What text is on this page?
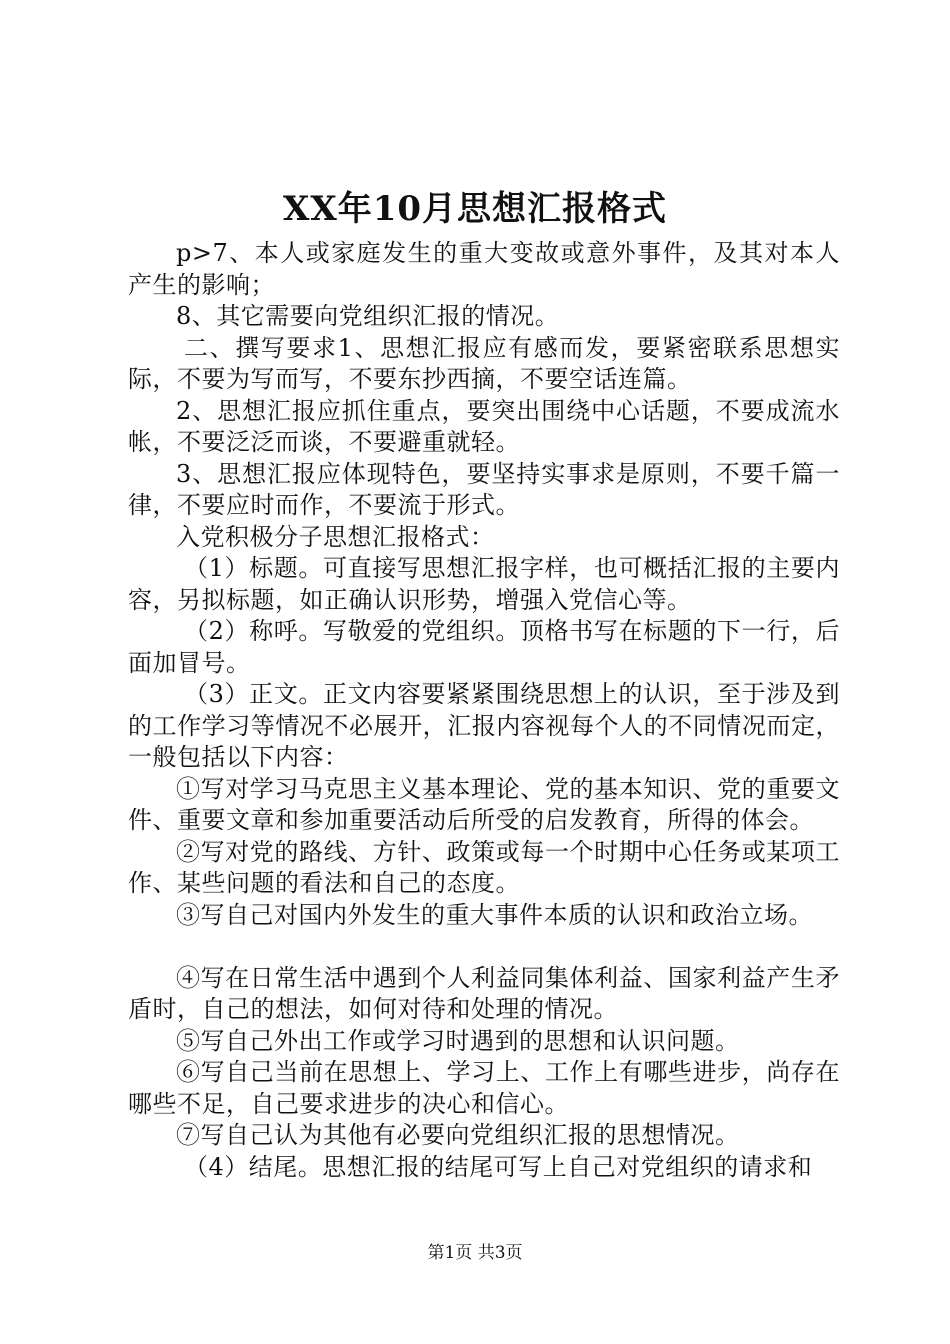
XX年10月思想汇报格式

p>7、本人或家庭发生的重大变故或意外事件，及其对本人产生的影响；

8、其它需要向党组织汇报的情况。

二、撰写要求1、思想汇报应有感而发，要紧密联系思想实际，不要为写而写，不要东抄西摘，不要空话连篇。

2、思想汇报应抓住重点，要突出围绕中心话题，不要成流水帐，不要泛泛而谈，不要避重就轻。

3、思想汇报应体现特色，要坚持实事求是原则，不要千篇一律，不要应时而作，不要流于形式。

入党积极分子思想汇报格式：

（1）标题。可直接写思想汇报字样，也可概括汇报的主要内容，另拟标题，如正确认识形势，增强入党信心等。

（2）称呼。写敬爱的党组织。顶格书写在标题的下一行，后面加冒号。

（3）正文。正文内容要紧紧围绕思想上的认识，至于涉及到的工作学习等情况不必展开，汇报内容视每个人的不同情况而定，一般包括以下内容：

①写对学习马克思主义基本理论、党的基本知识、党的重要文件、重要文章和参加重要活动后所受的启发教育，所得的体会。

②写对党的路线、方针、政策或每一个时期中心任务或某项工作、某些问题的看法和自己的态度。

③写自己对国内外发生的重大事件本质的认识和政治立场。

④写在日常生活中遇到个人利益同集体利益、国家利益产生矛盾时，自己的想法，如何对待和处理的情况。

⑤写自己外出工作或学习时遇到的思想和认识问题。

⑥写自己当前在思想上、学习上、工作上有哪些进步，尚存在哪些不足，自己要求进步的决心和信心。

⑦写自己认为其他有必要向党组织汇报的思想情况。

（4）结尾。思想汇报的结尾可写上自己对党组织的请求和

第1页 共3页
